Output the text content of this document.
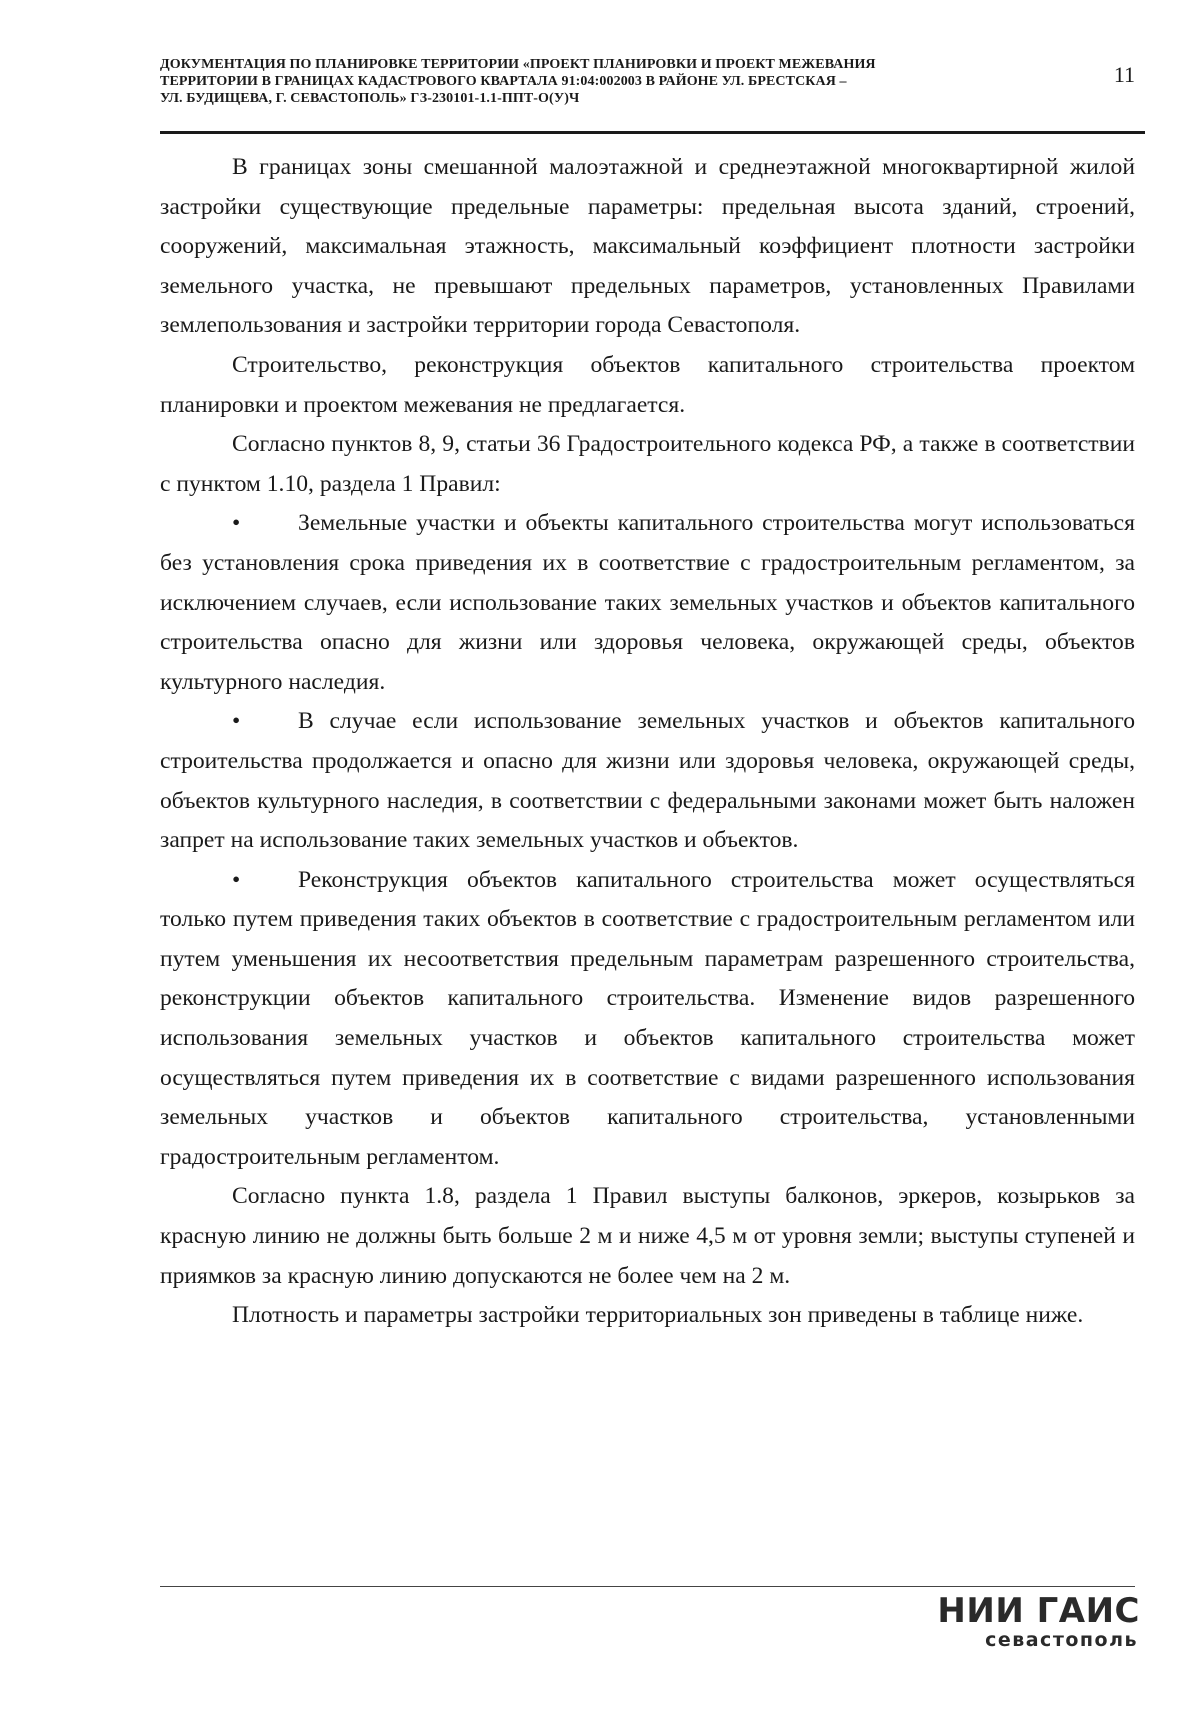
ДОКУМЕНТАЦИЯ ПО ПЛАНИРОВКЕ ТЕРРИТОРИИ «ПРОЕКТ ПЛАНИРОВКИ И ПРОЕКТ МЕЖЕВАНИЯ
ТЕРРИТОРИИ В ГРАНИЦАХ КАДАСТРОВОГО КВАРТАЛА 91:04:002003 В РАЙОНЕ УЛ. БРЕСТСКАЯ –
УЛ. БУДИЩЕВА, Г. СЕВАСТОПОЛЬ» ГЗ-230101-1.1-ППТ-О(У)Ч
11

В границах зоны смешанной малоэтажной и среднеэтажной многоквартирной жилой застройки существующие предельные параметры: предельная высота зданий, строений, сооружений, максимальная этажность, максимальный коэффициент плотности застройки земельного участка, не превышают предельных параметров, установленных Правилами землепользования и застройки территории города Севастополя.

Строительство, реконструкция объектов капитального строительства проектом планировки и проектом межевания не предлагается.

Согласно пунктов 8, 9, статьи 36 Градостроительного кодекса РФ, а также в соответствии с пунктом 1.10, раздела 1 Правил:

• Земельные участки и объекты капитального строительства могут использоваться без установления срока приведения их в соответствие с градостроительным регламентом, за исключением случаев, если использование таких земельных участков и объектов капитального строительства опасно для жизни или здоровья человека, окружающей среды, объектов культурного наследия.

• В случае если использование земельных участков и объектов капитального строительства продолжается и опасно для жизни или здоровья человека, окружающей среды, объектов культурного наследия, в соответствии с федеральными законами может быть наложен запрет на использование таких земельных участков и объектов.

• Реконструкция объектов капитального строительства может осуществляться только путем приведения таких объектов в соответствие с градостроительным регламентом или путем уменьшения их несоответствия предельным параметрам разрешенного строительства, реконструкции объектов капитального строительства. Изменение видов разрешенного использования земельных участков и объектов капитального строительства может осуществляться путем приведения их в соответствие с видами разрешенного использования земельных участков и объектов капитального строительства, установленными градостроительным регламентом.

Согласно пункта 1.8, раздела 1 Правил выступы балконов, эркеров, козырьков за красную линию не должны быть больше 2 м и ниже 4,5 м от уровня земли; выступы ступеней и приямков за красную линию допускаются не более чем на 2 м.

Плотность и параметры застройки территориальных зон приведены в таблице ниже.

НИИ ГАИС
севастополь
